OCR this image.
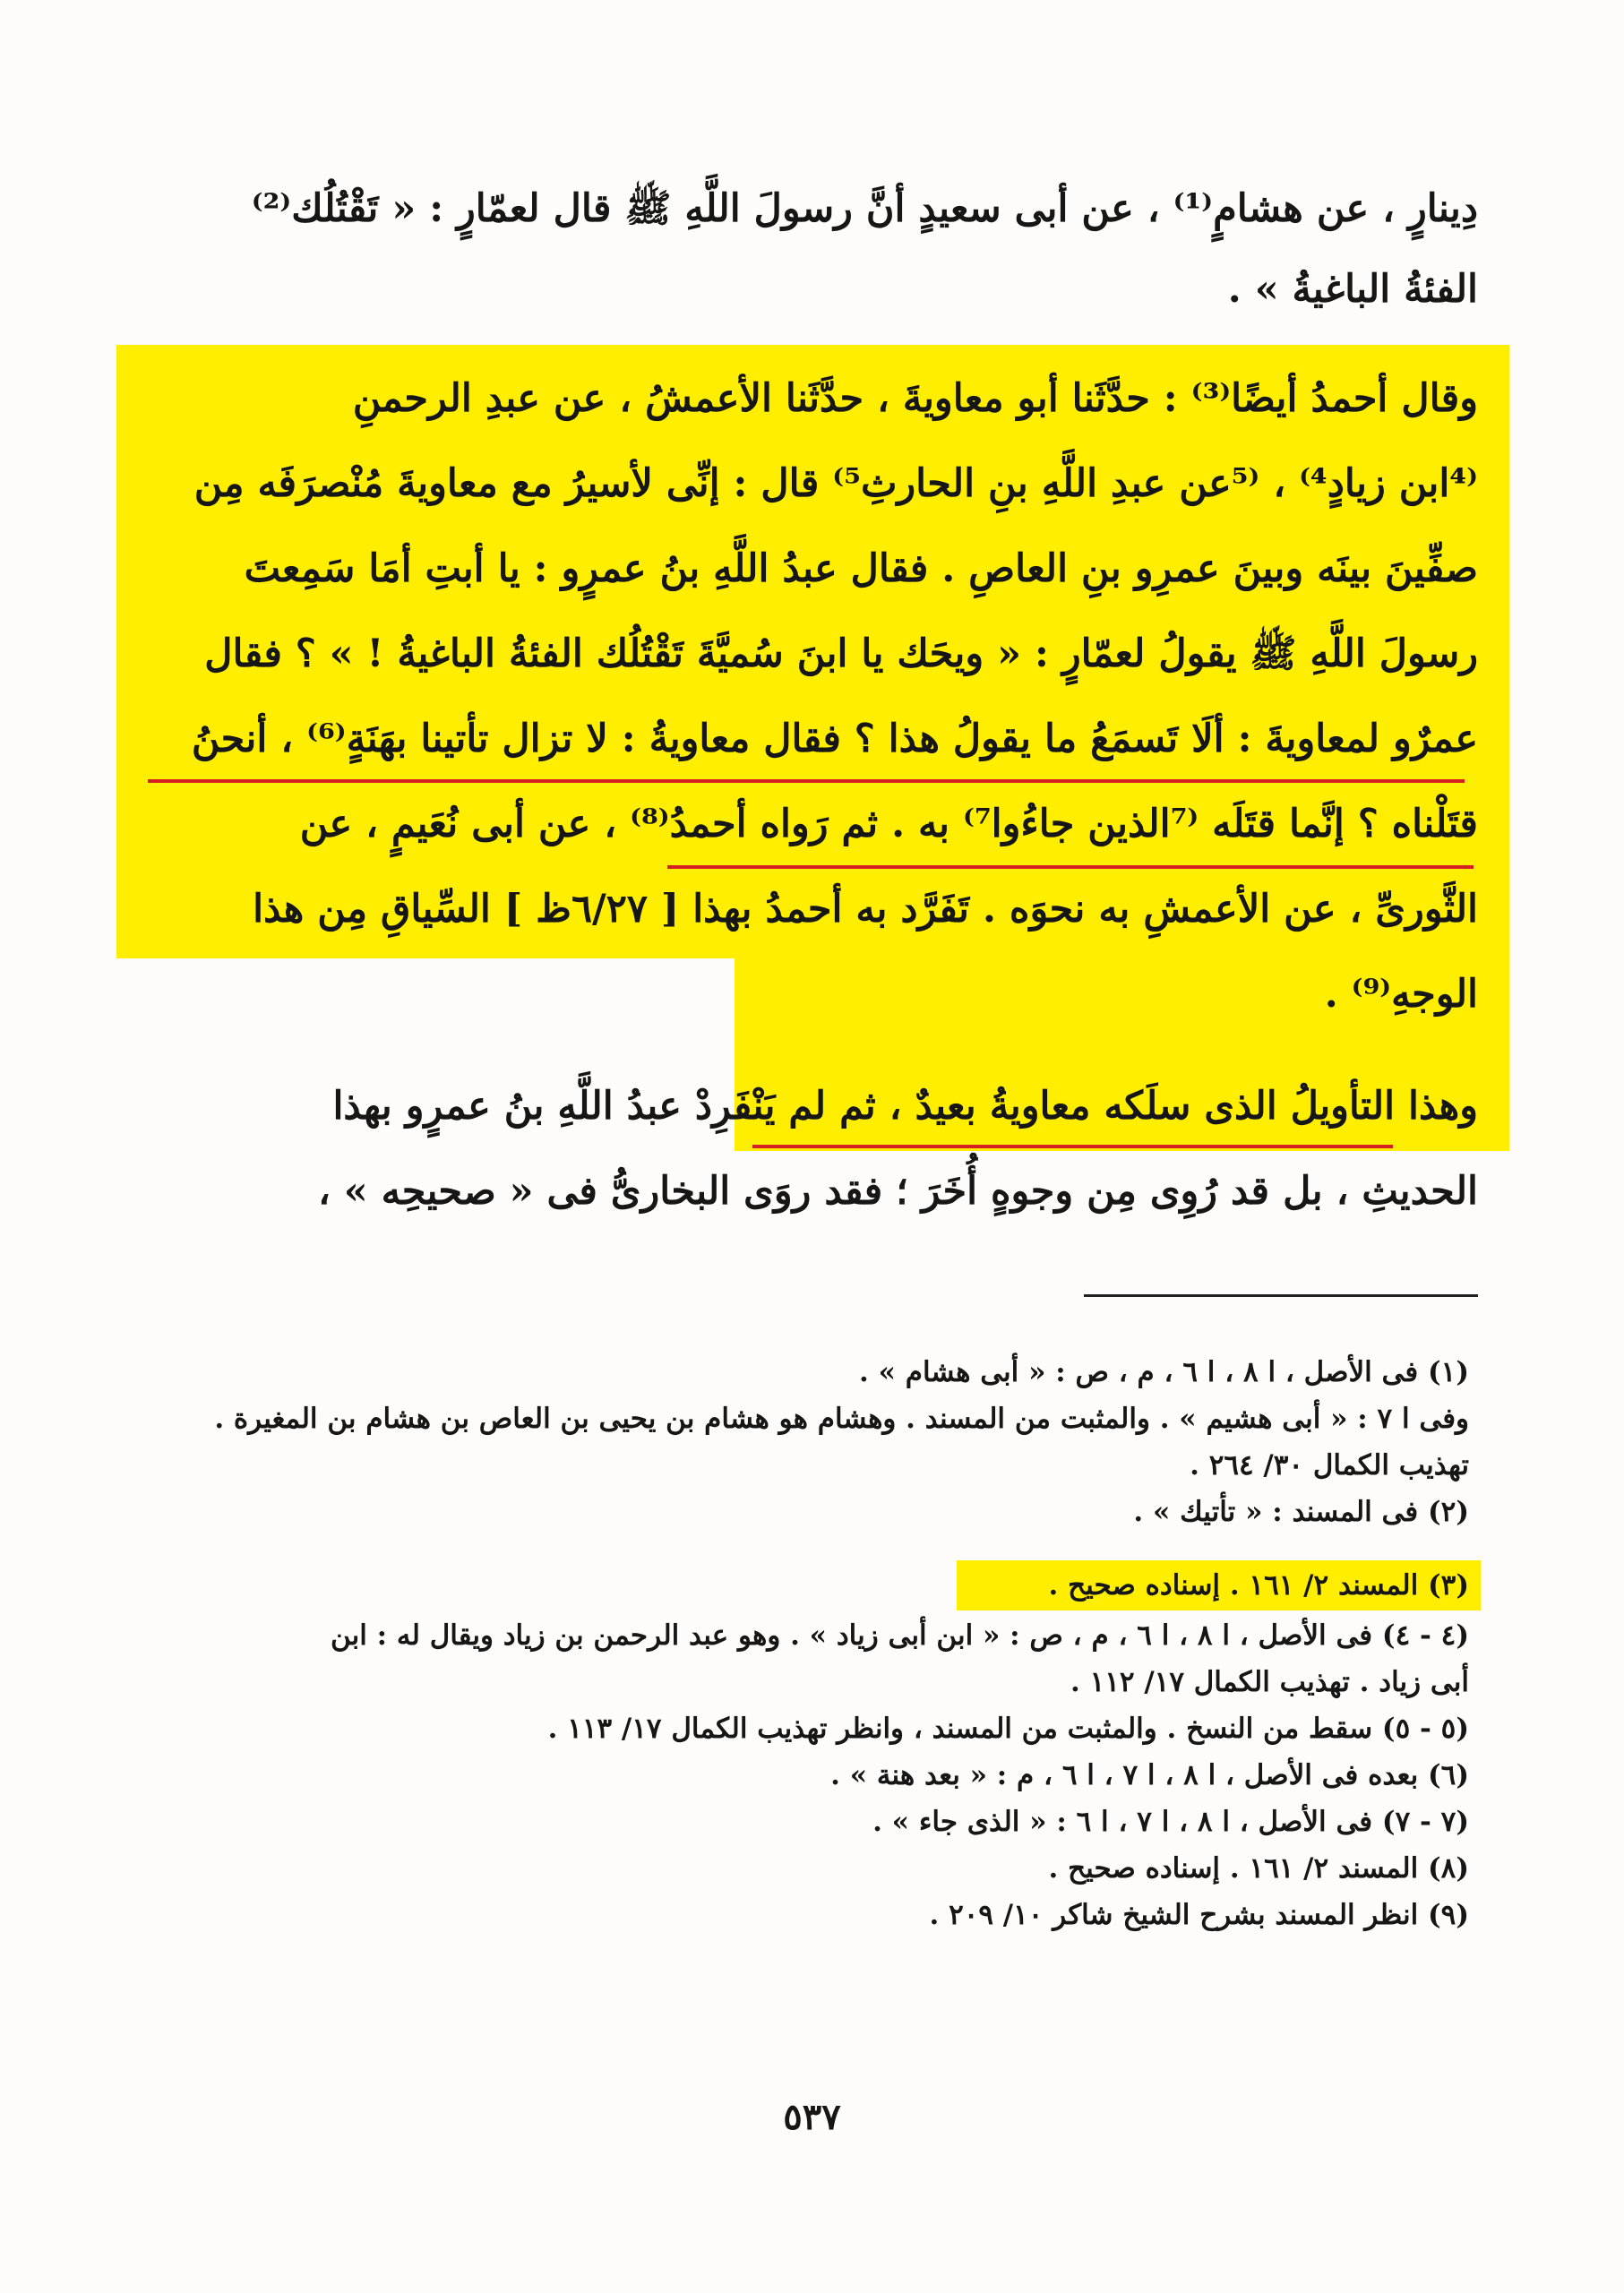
دِينارٍ ، عن هشامٍ⁽¹⁾ ، عن أبى سعيدٍ أنَّ رسولَ اللَّهِ ﷺ قال لعمّارٍ : « تَقْتُلُك⁽²⁾

الفئةُ الباغيةُ » .

وقال أحمدُ أيضًا⁽³⁾ : حدَّثَنا أبو معاويةَ ، حدَّثَنا الأعمشُ ، عن عبدِ الرحمنِ

⁽⁴ابن زيادٍ⁴⁾ ، ⁽⁵عن عبدِ اللَّهِ بنِ الحارثِ⁵⁾ قال : إنِّى لأسيرُ مع معاويةَ مُنْصرَفَه مِن

صفِّينَ بينَه وبينَ عمرِو بنِ العاصِ . فقال عبدُ اللَّهِ بنُ عمرٍو : يا أبتِ أمَا سَمِعتَ

رسولَ اللَّهِ ﷺ يقولُ لعمّارٍ : « ويحَك يا ابنَ سُميَّةَ تَقْتُلُك الفئةُ الباغيةُ ! » ؟ فقال

عمرٌو لمعاويةَ : ألَا تَسمَعُ ما يقولُ هذا ؟ فقال معاويةُ : لا تزال تأتينا بهَنَةٍ⁽⁶⁾ ، أنحنُ

قتَلْناه ؟ إنَّما قتَلَه ⁽⁷الذين جاءُوا⁷⁾ به . ثم رَواه أحمدُ⁽⁸⁾ ، عن أبى نُعَيمٍ ، عن

الثَّورىِّ ، عن الأعمشِ به نحوَه . تَفَرَّد به أحمدُ بهذا [ ٦/٢٧ظ ] السِّياقِ مِن هذا

الوجهِ⁽⁹⁾ .

وهذا التأويلُ الذى سلَكه معاويةُ بعيدٌ ، ثم لم يَنْفَرِدْ عبدُ اللَّهِ بنُ عمرٍو بهذا

الحديثِ ، بل قد رُوِى مِن وجوهٍ أُخَرَ ؛ فقد روَى البخارىُّ فى « صحيحِه » ،

(١) فى الأصل ، ا ٨ ، ا ٦ ، م ، ص : « أبى هشام » .

وفى ا ٧ : « أبى هشيم » . والمثبت من المسند . وهشام هو هشام بن يحيى بن العاص بن هشام بن المغيرة .

تهذيب الكمال ٣٠/ ٢٦٤ .

(٢) فى المسند : « تأتيك » .

(٣) المسند ٢/ ١٦١ . إسناده صحيح .

(٤ - ٤) فى الأصل ، ا ٨ ، ا ٦ ، م ، ص : « ابن أبى زياد » . وهو عبد الرحمن بن زياد ويقال له : ابن

أبى زياد . تهذيب الكمال ١٧/ ١١٢ .

(٥ - ٥) سقط من النسخ . والمثبت من المسند ، وانظر تهذيب الكمال ١٧/ ١١٣ .

(٦) بعده فى الأصل ، ا ٨ ، ا ٧ ، ا ٦ ، م : « بعد هنة » .

(٧ - ٧) فى الأصل ، ا ٨ ، ا ٧ ، ا ٦ : « الذى جاء » .

(٨) المسند ٢/ ١٦١ . إسناده صحيح .

(٩) انظر المسند بشرح الشيخ شاكر ١٠/ ٢٠٩ .

٥٣٧
